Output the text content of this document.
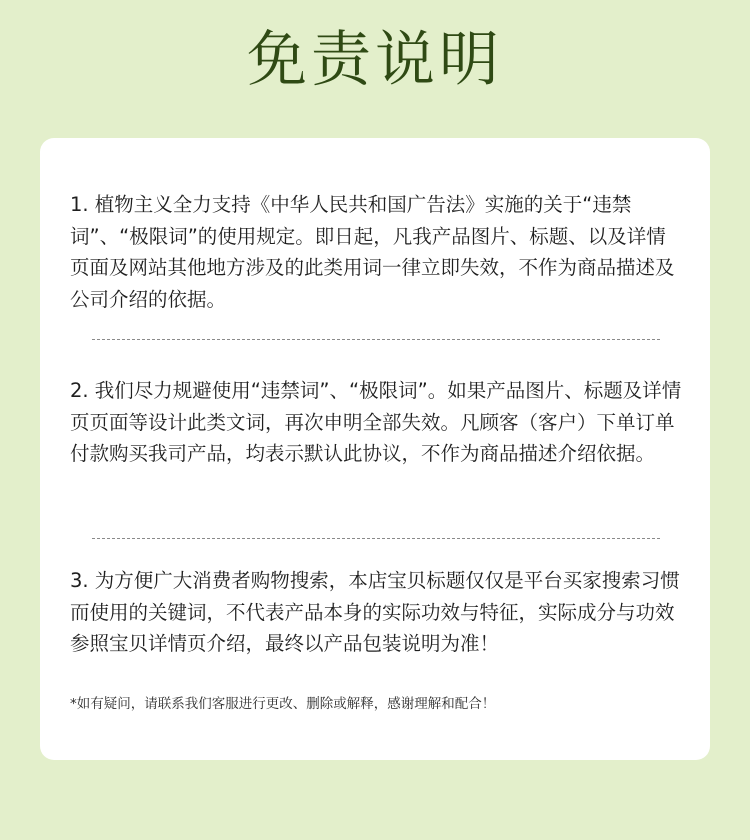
免责说明

1. 植物主义全力支持《中华人民共和国广告法》实施的关于“违禁词”、“极限词”的使用规定。即日起，凡我产品图片、标题、以及详情页面及网站其他地方涉及的此类用词一律立即失效，不作为商品描述及公司介绍的依据。

2. 我们尽力规避使用“违禁词”、“极限词”。如果产品图片、标题及详情页页面等设计此类文词，再次申明全部失效。凡顾客（客户）下单订单付款购买我司产品，均表示默认此协议，不作为商品描述介绍依据。

3. 为方便广大消费者购物搜索，本店宝贝标题仅仅是平台买家搜索习惯而使用的关键词，不代表产品本身的实际功效与特征，实际成分与功效参照宝贝详情页介绍，最终以产品包装说明为准！

*如有疑问，请联系我们客服进行更改、删除或解释，感谢理解和配合！
